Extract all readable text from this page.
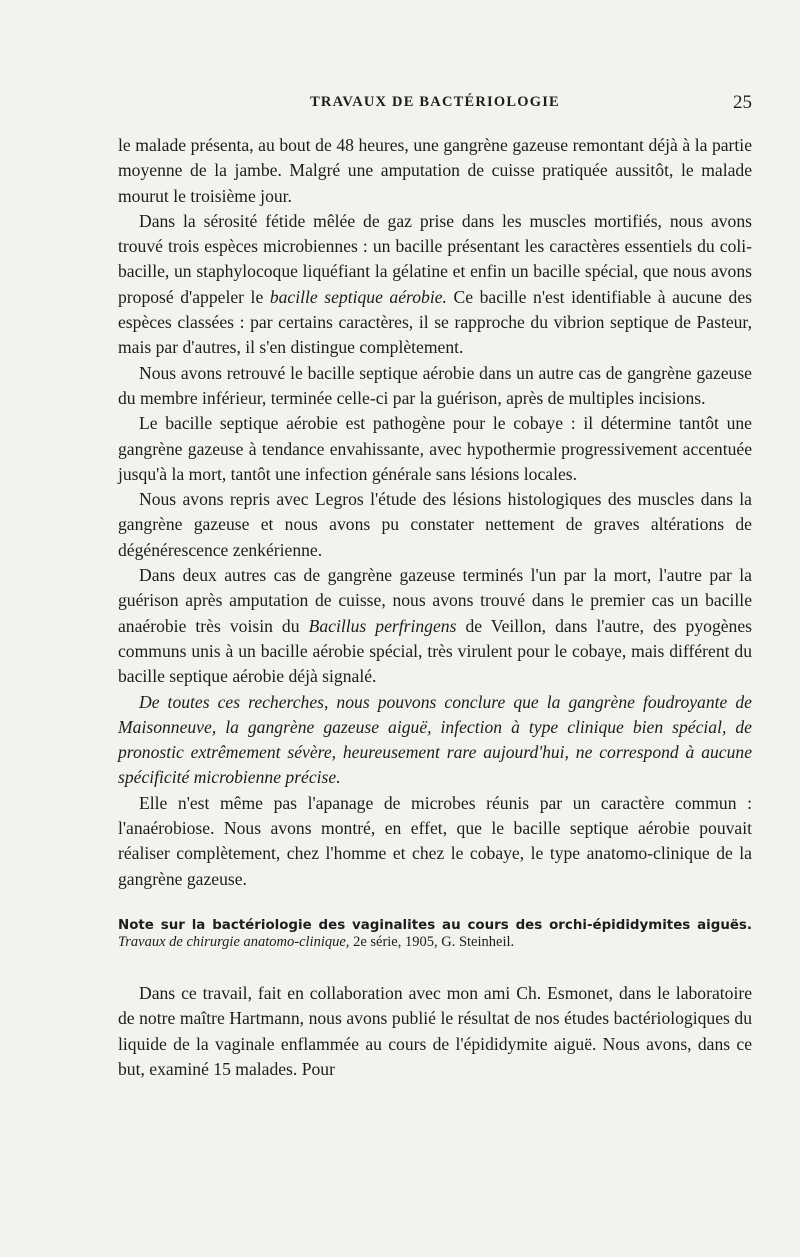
TRAVAUX DE BACTÉRIOLOGIE	25

le malade présenta, au bout de 48 heures, une gangrène gazeuse remontant déjà à la partie moyenne de la jambe. Malgré une amputation de cuisse pratiquée aussitôt, le malade mourut le troisième jour.

Dans la sérosité fétide mêlée de gaz prise dans les muscles mortifiés, nous avons trouvé trois espèces microbiennes : un bacille présentant les caractères essentiels du coli-bacille, un staphylocoque liquéfiant la gélatine et enfin un bacille spécial, que nous avons proposé d'appeler le bacille septique aérobie. Ce bacille n'est identifiable à aucune des espèces classées : par certains caractères, il se rapproche du vibrion septique de Pasteur, mais par d'autres, il s'en distingue complètement.

Nous avons retrouvé le bacille septique aérobie dans un autre cas de gangrène gazeuse du membre inférieur, terminée celle-ci par la guérison, après de multiples incisions.

Le bacille septique aérobie est pathogène pour le cobaye : il détermine tantôt une gangrène gazeuse à tendance envahissante, avec hypothermie progressivement accentuée jusqu'à la mort, tantôt une infection générale sans lésions locales.

Nous avons repris avec Legros l'étude des lésions histologiques des muscles dans la gangrène gazeuse et nous avons pu constater nettement de graves altérations de dégénérescence zenkérienne.

Dans deux autres cas de gangrène gazeuse terminés l'un par la mort, l'autre par la guérison après amputation de cuisse, nous avons trouvé dans le premier cas un bacille anaérobie très voisin du Bacillus perfringens de Veillon, dans l'autre, des pyogènes communs unis à un bacille aérobie spécial, très virulent pour le cobaye, mais différent du bacille septique aérobie déjà signalé.

De toutes ces recherches, nous pouvons conclure que la gangrène foudroyante de Maisonneuve, la gangrène gazeuse aiguë, infection à type clinique bien spécial, de pronostic extrêmement sévère, heureusement rare aujourd'hui, ne correspond à aucune spécificité microbienne précise.

Elle n'est même pas l'apanage de microbes réunis par un caractère commun : l'anaérobiose. Nous avons montré, en effet, que le bacille septique aérobie pouvait réaliser complètement, chez l'homme et chez le cobaye, le type anatomo-clinique de la gangrène gazeuse.

Note sur la bactériologie des vaginalites au cours des orchi-épididymites aiguës. Travaux de chirurgie anatomo-clinique, 2e série, 1905, G. Steinheil.

Dans ce travail, fait en collaboration avec mon ami Ch. Esmonet, dans le laboratoire de notre maître Hartmann, nous avons publié le résultat de nos études bactériologiques du liquide de la vaginale enflammée au cours de l'épididymite aiguë. Nous avons, dans ce but, examiné 15 malades. Pour
